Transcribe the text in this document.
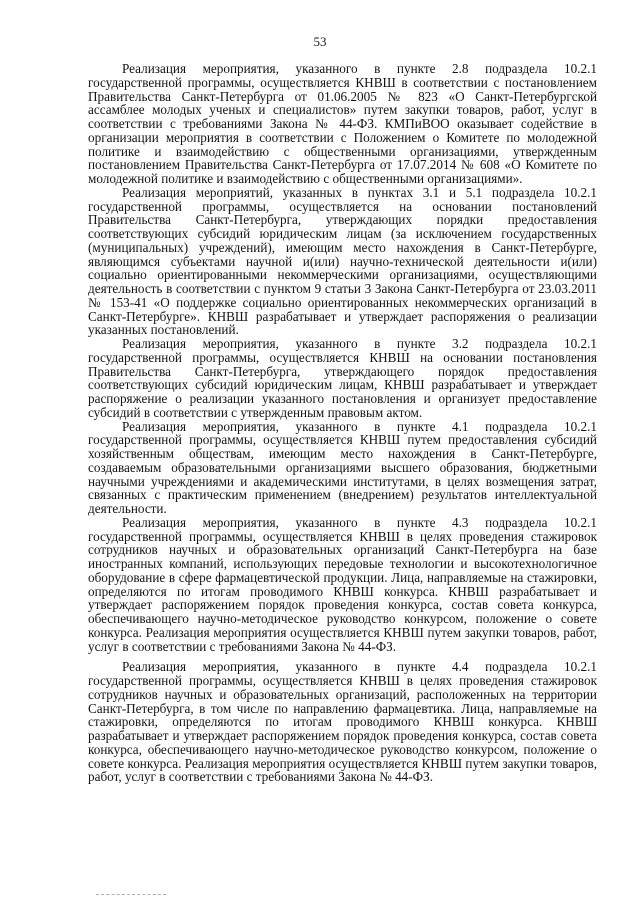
53

Реализация мероприятия, указанного в пункте 2.8 подраздела 10.2.1 государственной программы, осуществляется КНВШ в соответствии с постановлением Правительства Санкт-Петербурга от 01.06.2005 № 823 «О Санкт-Петербургской ассамблее молодых ученых и специалистов» путем закупки товаров, работ, услуг в соответствии с требованиями Закона № 44-ФЗ. КМПиВОО оказывает содействие в организации мероприятия в соответствии с Положением о Комитете по молодежной политике и взаимодействию с общественными организациями, утвержденным постановлением Правительства Санкт-Петербурга от 17.07.2014 № 608 «О Комитете по молодежной политике и взаимодействию с общественными организациями».

Реализация мероприятий, указанных в пунктах 3.1 и 5.1 подраздела 10.2.1 государственной программы, осуществляется на основании постановлений Правительства Санкт-Петербурга, утверждающих порядки предоставления соответствующих субсидий юридическим лицам (за исключением государственных (муниципальных) учреждений), имеющим место нахождения в Санкт-Петербурге, являющимся субъектами научной и(или) научно-технической деятельности и(или) социально ориентированными некоммерческими организациями, осуществляющими деятельность в соответствии с пунктом 9 статьи 3 Закона Санкт-Петербурга от 23.03.2011 № 153-41 «О поддержке социально ориентированных некоммерческих организаций в Санкт-Петербурге». КНВШ разрабатывает и утверждает распоряжения о реализации указанных постановлений.

Реализация мероприятия, указанного в пункте 3.2 подраздела 10.2.1 государственной программы, осуществляется КНВШ на основании постановления Правительства Санкт-Петербурга, утверждающего порядок предоставления соответствующих субсидий юридическим лицам, КНВШ разрабатывает и утверждает распоряжение о реализации указанного постановления и организует предоставление субсидий в соответствии с утвержденным правовым актом.

Реализация мероприятия, указанного в пункте 4.1 подраздела 10.2.1 государственной программы, осуществляется КНВШ путем предоставления субсидий хозяйственным обществам, имеющим место нахождения в Санкт-Петербурге, создаваемым образовательными организациями высшего образования, бюджетными научными учреждениями и академическими институтами, в целях возмещения затрат, связанных с практическим применением (внедрением) результатов интеллектуальной деятельности.

Реализация мероприятия, указанного в пункте 4.3 подраздела 10.2.1 государственной программы, осуществляется КНВШ в целях проведения стажировок сотрудников научных и образовательных организаций Санкт-Петербурга на базе иностранных компаний, использующих передовые технологии и высокотехнологичное оборудование в сфере фармацевтической продукции. Лица, направляемые на стажировки, определяются по итогам проводимого КНВШ конкурса. КНВШ разрабатывает и утверждает распоряжением порядок проведения конкурса, состав совета конкурса, обеспечивающего научно-методическое руководство конкурсом, положение о совете конкурса. Реализация мероприятия осуществляется КНВШ путем закупки товаров, работ, услуг в соответствии с требованиями Закона № 44-ФЗ.

Реализация мероприятия, указанного в пункте 4.4 подраздела 10.2.1 государственной программы, осуществляется КНВШ в целях проведения стажировок сотрудников научных и образовательных организаций, расположенных на территории Санкт-Петербурга, в том числе по направлению фармацевтика. Лица, направляемые на стажировки, определяются по итогам проводимого КНВШ конкурса. КНВШ разрабатывает и утверждает распоряжением порядок проведения конкурса, состав совета конкурса, обеспечивающего научно-методическое руководство конкурсом, положение о совете конкурса. Реализация мероприятия осуществляется КНВШ путем закупки товаров, работ, услуг в соответствии с требованиями Закона № 44-ФЗ.
